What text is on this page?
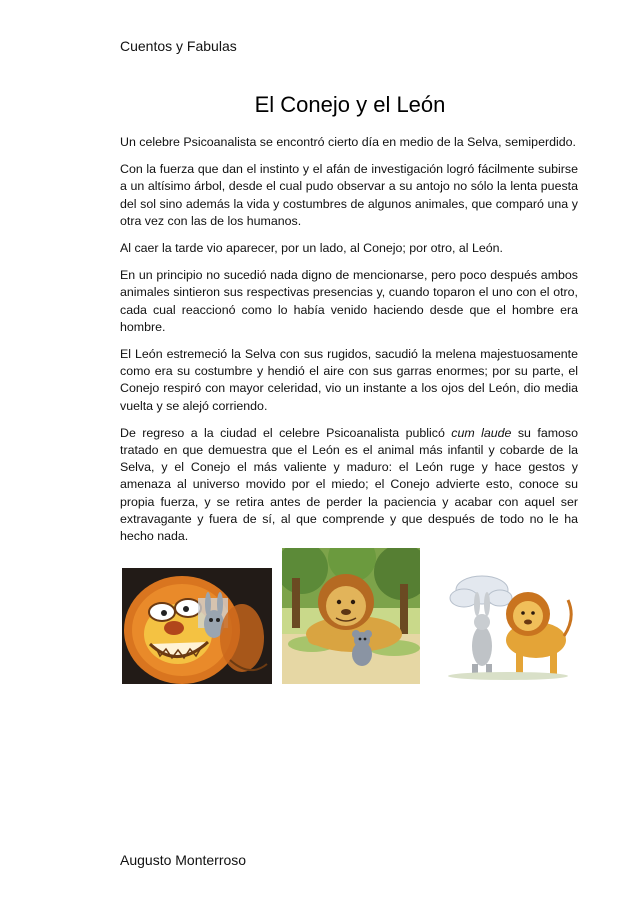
Cuentos y Fabulas
El Conejo y el León

Un celebre Psicoanalista se encontró cierto día en medio de la Selva, semiperdido.

Con la fuerza que dan el instinto y el afán de investigación logró fácilmente subirse a un altísimo árbol, desde el cual pudo observar a su antojo no sólo la lenta puesta del sol sino además la vida y costumbres de algunos animales, que comparó una y otra vez con las de los humanos.

Al caer la tarde vio aparecer, por un lado, al Conejo; por otro, al León.

En un principio no sucedió nada digno de mencionarse, pero poco después ambos animales sintieron sus respectivas presencias y, cuando toparon el uno con el otro, cada cual reaccionó como lo había venido haciendo desde que el hombre era hombre.

El León estremeció la Selva con sus rugidos, sacudió la melena majestuosamente como era su costumbre y hendió el aire con sus garras enormes; por su parte, el Conejo respiró con mayor celeridad, vio un instante a los ojos del León, dio media vuelta y se alejó corriendo.

De regreso a la ciudad el celebre Psicoanalista publicó cum laude su famoso tratado en que demuestra que el León es el animal más infantil y cobarde de la Selva, y el Conejo el más valiente y maduro: el León ruge y hace gestos y amenaza al universo movido por el miedo; el Conejo advierte esto, conoce su propia fuerza, y se retira antes de perder la paciencia y acabar con aquel ser extravagante y fuera de sí, al que comprende y que después de todo no le ha hecho nada.

Augusto Monterroso
